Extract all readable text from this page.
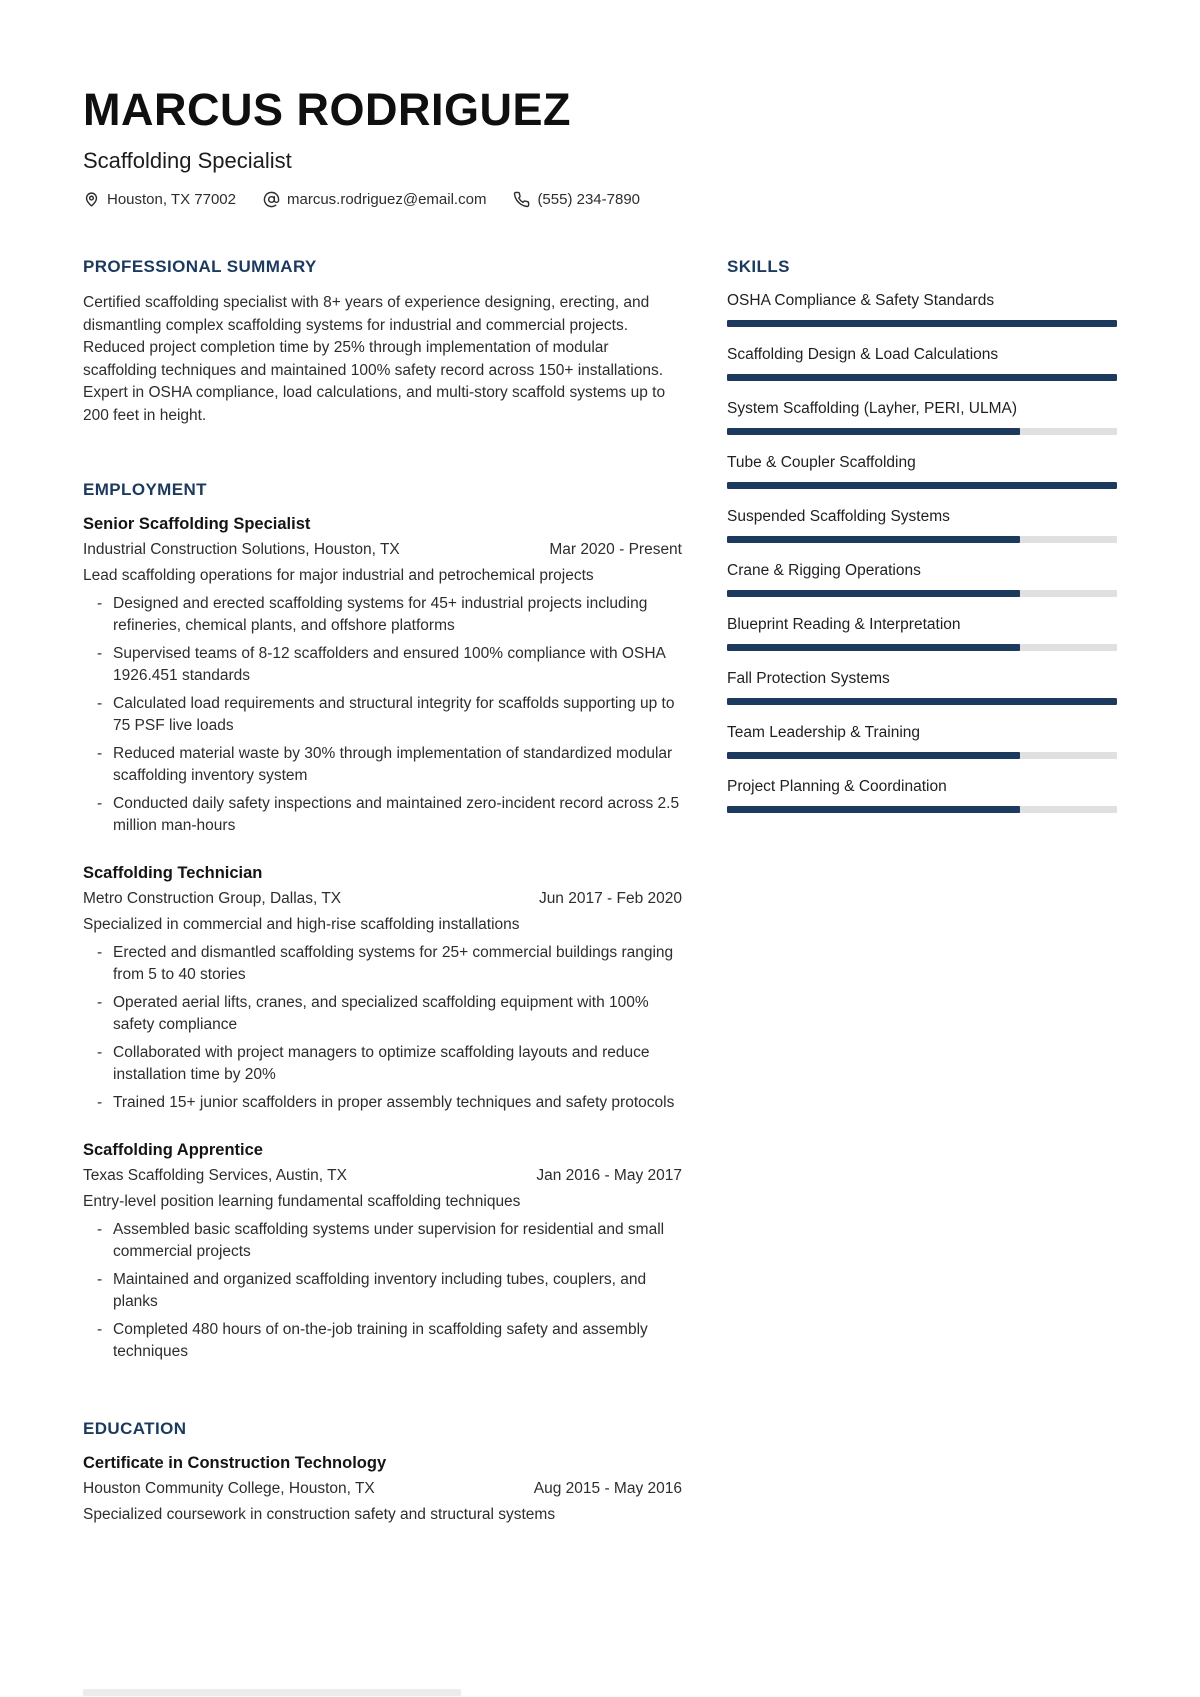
MARCUS RODRIGUEZ
Scaffolding Specialist
Houston, TX 77002	marcus.rodriguez@email.com	(555) 234-7890
PROFESSIONAL SUMMARY

Certified scaffolding specialist with 8+ years of experience designing, erecting, and dismantling complex scaffolding systems for industrial and commercial projects. Reduced project completion time by 25% through implementation of modular scaffolding techniques and maintained 100% safety record across 150+ installations. Expert in OSHA compliance, load calculations, and multi-story scaffold systems up to 200 feet in height.

EMPLOYMENT
Senior Scaffolding Specialist
Industrial Construction Solutions, Houston, TX	Mar 2020 - Present
Lead scaffolding operations for major industrial and petrochemical projects
- Designed and erected scaffolding systems for 45+ industrial projects including refineries, chemical plants, and offshore platforms
- Supervised teams of 8-12 scaffolders and ensured 100% compliance with OSHA 1926.451 standards
- Calculated load requirements and structural integrity for scaffolds supporting up to 75 PSF live loads
- Reduced material waste by 30% through implementation of standardized modular scaffolding inventory system
- Conducted daily safety inspections and maintained zero-incident record across 2.5 million man-hours
Scaffolding Technician
Metro Construction Group, Dallas, TX	Jun 2017 - Feb 2020
Specialized in commercial and high-rise scaffolding installations
- Erected and dismantled scaffolding systems for 25+ commercial buildings ranging from 5 to 40 stories
- Operated aerial lifts, cranes, and specialized scaffolding equipment with 100% safety compliance
- Collaborated with project managers to optimize scaffolding layouts and reduce installation time by 20%
- Trained 15+ junior scaffolders in proper assembly techniques and safety protocols
Scaffolding Apprentice
Texas Scaffolding Services, Austin, TX	Jan 2016 - May 2017
Entry-level position learning fundamental scaffolding techniques
- Assembled basic scaffolding systems under supervision for residential and small commercial projects
- Maintained and organized scaffolding inventory including tubes, couplers, and planks
- Completed 480 hours of on-the-job training in scaffolding safety and assembly techniques
EDUCATION
Certificate in Construction Technology
Houston Community College, Houston, TX	Aug 2015 - May 2016
Specialized coursework in construction safety and structural systems
SKILLS
OSHA Compliance & Safety Standards
Scaffolding Design & Load Calculations
System Scaffolding (Layher, PERI, ULMA)
Tube & Coupler Scaffolding
Suspended Scaffolding Systems
Crane & Rigging Operations
Blueprint Reading & Interpretation
Fall Protection Systems
Team Leadership & Training
Project Planning & Coordination
